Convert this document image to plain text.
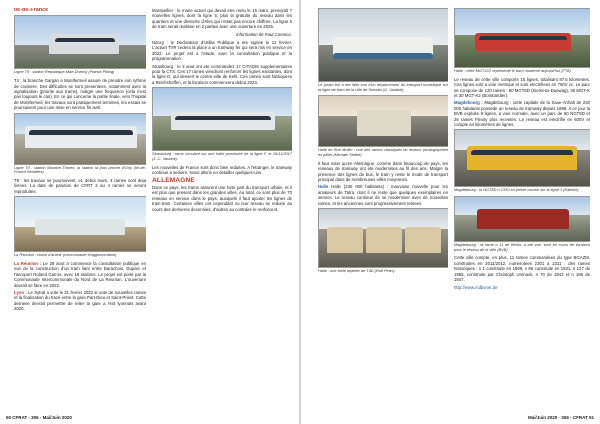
Ile-de-France
Ligne T9 : station Republique-Mae-Dornoy (Patrick Pilling)

T4 : la branche Gargan a Montfermeil assure de prendre son rythme de croisiere. Des difficultes se sont presentees, notamment avec la signalisation (priorite aux trams), malgre une frequence (cela n'est pas toujours le cas). En ce qui concerne la partie finale, vers l'hopital de Montfermeil, les travaux sont pratiquement termines, les essais se poursuivent pour une mise en service fin avril.

Ligne T9 : station Maurice-Thorez, la station la plus proche d'Orly (Ile-de-France Mobilites)

T9 : les travaux se poursuivent, et, debut mars, 4 rames sont deja livrees. La date de parution de CFRT 3 au 4 rames se seront reproduites.

La Reunion : vision d'avenir (communaute d'agglomeration)

La Réunion : Le 28 aout a commence la consultation publique en vue de la construction d'un tram liant entre Barachois, Duparc et l'aeroport Roland Garros, avec 18 stations. Le projet est porte par la Communaute Intercommunale du Nord de La Reunion. L'ouverture devrait se faire en 2022.

Lyon : Le Sytral a vote le 21 fevrier 2022 le vote de nouvelles rames et la finalisation du tracé entre la gare Part-Dieu et Saint-Priest. Cette derniere devrait permettre de relier la gare a l'est lyonnais avant 2026.

50 CFRAT · 306 · Mai/Juin 2020

Montpellier : le maire actuel qui devait etre reelu le 15 mars, prevoyait 7 nouvelles lignes, dont la ligne 5, plus la gratuite du reseau dans les quartiers et une desserte d'Ales qui n'etait pas encore chiffree. La ligne 5 de tram serait realisee en 2 parties avec une ouverture en 2025.

Information de Paul Carenco.

Nancy : le Declaration d'Utilite Publique a ete signee le 12 fevrier. L'actuel TVR cedera la place a un tramway fer qui sera mis en service en 2022. Le projet est a l'etude, avec la consultation publique et la programmation.

Strasbourg : le 3 aout ont ete commandes 17 CITADIS supplementaires pour la CTS. Ces 17 rames viendront renforcer les lignes existantes, dont la ligne D, qui dessert le centre-ville de Kehl. Ces rames sont fabriquees a Reichshoffen, et la livraison commencera debut 2023.

Strasbourg : rame circulant sur une halte provisoire de la ligne F, le 26/11/2017 (J.-C. Vaudoit).

Les nouvelles de France sont donc bien reduites. A l'etranger, le tramway continue a seduire. Nous allons en detailler quelques-uns.

ALLEMAGNE

Dans ce pays, les trams assurent une forte part du transport urbain, et il est plus que present dans les grandes villes. Au total, ce sont plus de 70 reseaux en service dans le pays, auxquels il faut ajouter les lignes de train-tram. Certaines villes ont cependant vu leur reseau se reduire au cours des dernieres decennies, d'autres au contraire le renforcent.

Le photo est a ete faite lors d'un deplacement du transport touristique sur la ligne de tram de la ville de Stendal (G. Vaudoit)
Halle en Rue Muller : une des rames classiques du reseau, photographiee en juillet (Michael Seifert)

Il faut noter qu'en Allemagne, comme dans beaucoup de pays, les reseaux de tramway ont ete modernises au fil des ans. Malgre la presence des lignes de bus, le tram y reste le mode de transport principal dans de nombreuses villes moyennes.

Halle Halle (240 000 habitants) : mauvaise nouvelle pour les amateurs de Tatra, dont il ne reste que quelques exemplaires en service. Le reseau continue de se moderniser avec de nouvelles rames, et les anciennes sont progressivement retirees.

Halle : une belle triplette de T4D (Ralf Peter).
Halle : cette MGT-K/2 represente le tram moderne aujourd'hui (FTA)

Le reseau de cette ville comporte 15 lignes, totalisant 87,6 kilometres. Ces lignes sont a voie metrique et sont electrifiees en 750V cc. Le parc se compose de 120 rames : 60 MGT6D (Siemens-Duewag), 30 MGT-K et 30 MGT-K2 (Bombardier).

Magdebourg : Magdebourg : cette capitale de la Saxe-Anhalt de 230 000 habitants possede un reseau de tramway depuis 1899. A ce jour la BVB exploite 9 lignes, a voie normale, avec un parc de 60 NGT8D et 26 rames Flexity plus recentes. Le reseau est electrifie en 600V et compte 64 kilometres de lignes.

Magdebourg : la NGT8D n 1330 en pleine course sur la ligne 1 (Kalinke)
Magdebourg : la rame n 11 de Berlin, a ete vue, sont en cours de livraison pour le reseau de la ville (BVB)

Cette ville compte, en plus, 11 rames commandees du type BGAZM, construites en 2011/2012, numerotees 2301 a 2311 : des rames historiques : n 1 construite en 1899, n 86 construite en 1931, n 127 de 1955, construite par Christoph Unmack, n 70 de 1943 et n 196 de 1947.

http://www.mdbvnet.de

Mai/Juin 2020 · 306 · CFRAT 51
